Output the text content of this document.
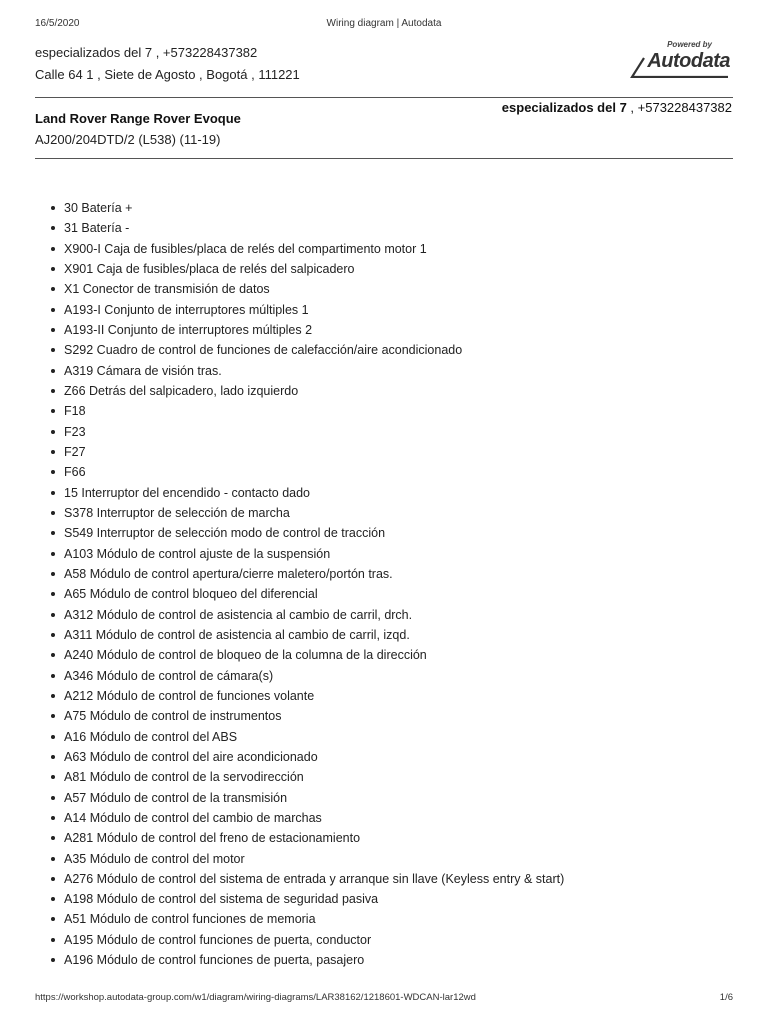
16/5/2020	Wiring diagram | Autodata
especializados del 7 , +573228437382
Calle 64 1 , Siete de Agosto , Bogotá , 111221
Powered by
Autodata
Land Rover Range Rover Evoque
AJ200/204DTD/2 (L538) (11-19)
especializados del 7 , +573228437382
30 Batería +
31 Batería -
X900-I Caja de fusibles/placa de relés del compartimento motor 1
X901 Caja de fusibles/placa de relés del salpicadero
X1 Conector de transmisión de datos
A193-I Conjunto de interruptores múltiples 1
A193-II Conjunto de interruptores múltiples 2
S292 Cuadro de control de funciones de calefacción/aire acondicionado
A319 Cámara de visión tras.
Z66 Detrás del salpicadero, lado izquierdo
F18
F23
F27
F66
15 Interruptor del encendido - contacto dado
S378 Interruptor de selección de marcha
S549 Interruptor de selección modo de control de tracción
A103 Módulo de control ajuste de la suspensión
A58 Módulo de control apertura/cierre maletero/portón tras.
A65 Módulo de control bloqueo del diferencial
A312 Módulo de control de asistencia al cambio de carril, drch.
A311 Módulo de control de asistencia al cambio de carril, izqd.
A240 Módulo de control de bloqueo de la columna de la dirección
A346 Módulo de control de cámara(s)
A212 Módulo de control de funciones volante
A75 Módulo de control de instrumentos
A16 Módulo de control del ABS
A63 Módulo de control del aire acondicionado
A81 Módulo de control de la servodirección
A57 Módulo de control de la transmisión
A14 Módulo de control del cambio de marchas
A281 Módulo de control del freno de estacionamiento
A35 Módulo de control del motor
A276 Módulo de control del sistema de entrada y arranque sin llave (Keyless entry & start)
A198 Módulo de control del sistema de seguridad pasiva
A51 Módulo de control funciones de memoria
A195 Módulo de control funciones de puerta, conductor
A196 Módulo de control funciones de puerta, pasajero
https://workshop.autodata-group.com/w1/diagram/wiring-diagrams/LAR38162/1218601-WDCAN-lar12wd	1/6
